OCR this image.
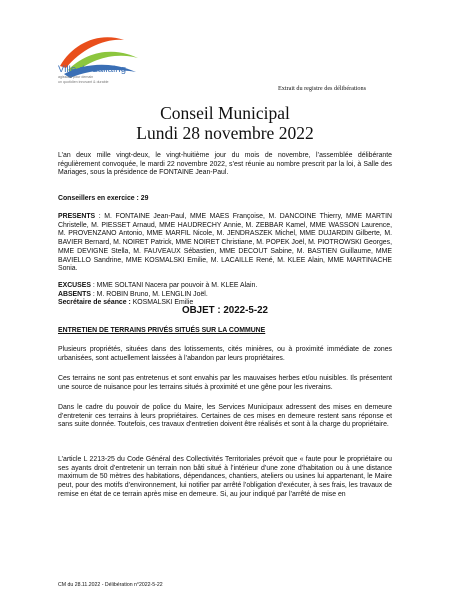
Ville de Lallaing
agissons pour demain
un quotidien innovant & durable
Extrait du registre des délibérations
Conseil Municipal
Lundi 28 novembre 2022
L’an deux mille vingt-deux, le vingt-huitième jour du mois de novembre, l’assemblée délibérante régulièrement convoquée, le mardi 22 novembre 2022, s’est réunie au nombre prescrit par la loi, à Salle des Mariages, sous la présidence de FONTAINE Jean-Paul.
Conseillers en exercice : 29
PRESENTS : M. FONTAINE Jean-Paul, MME MAES Françoise, M. DANCOINE Thierry, MME MARTIN Christelle, M. PIESSET Arnaud, MME HAUDRECHY Annie, M. ZEBBAR Kamel, MME WASSON Laurence, M. PROVENZANO Antonio, MME MARFIL Nicole, M. JENDRASZEK Michel, MME DUJARDIN Gilberte, M. BAVIER Bernard, M. NOIRET Patrick, MME NOIRET Christiane, M. POPEK Joël, M. PIOTROWSKI Georges, MME DEVIGNE Stella, M. FAUVEAUX Sébastien, MME DECOUT Sabine, M. BASTIEN Guillaume, MME BAVIELLO Sandrine, MME KOSMALSKI Emilie, M. LACAILLE René, M. KLEE Alain, MME MARTINACHE Sonia.
EXCUSES : MME SOLTANI Nacera par pouvoir à M. KLEE Alain.
ABSENTS : M. ROBIN Bruno, M. LENGLIN Joël.
Secrétaire de séance : KOSMALSKI Emilie
OBJET : 2022-5-22
ENTRETIEN DE TERRAINS PRIVÉS SITUÉS SUR LA COMMUNE
Plusieurs propriétés, situées dans des lotissements, cités minières, ou à proximité immédiate de zones urbanisées, sont actuellement laissées à l’abandon par leurs propriétaires.
Ces terrains ne sont pas entretenus et sont envahis par les mauvaises herbes et/ou nuisibles. Ils présentent une source de nuisance pour les terrains situés à proximité et une gêne pour les riverains.
Dans le cadre du pouvoir de police du Maire, les Services Municipaux adressent des mises en demeure d’entretenir ces terrains à leurs propriétaires. Certaines de ces mises en demeure restent sans réponse et sans suite donnée. Toutefois, ces travaux d’entretien doivent être réalisés et sont à la charge du propriétaire.
L’article L 2213-25 du Code Général des Collectivités Territoriales prévoit que « faute pour le propriétaire ou ses ayants droit d’entretenir un terrain non bâti situé à l’intérieur d’une zone d’habitation ou à une distance maximum de 50 mètres des habitations, dépendances, chantiers, ateliers ou usines lui appartenant, le Maire peut, pour des motifs d’environnement, lui notifier par arrêté l’obligation d’exécuter, à ses frais, les travaux de remise en état de ce terrain après mise en demeure. Si, au jour indiqué par l’arrêté de mise en
CM du 28.11.2022 - Délibération n°2022-5-22
